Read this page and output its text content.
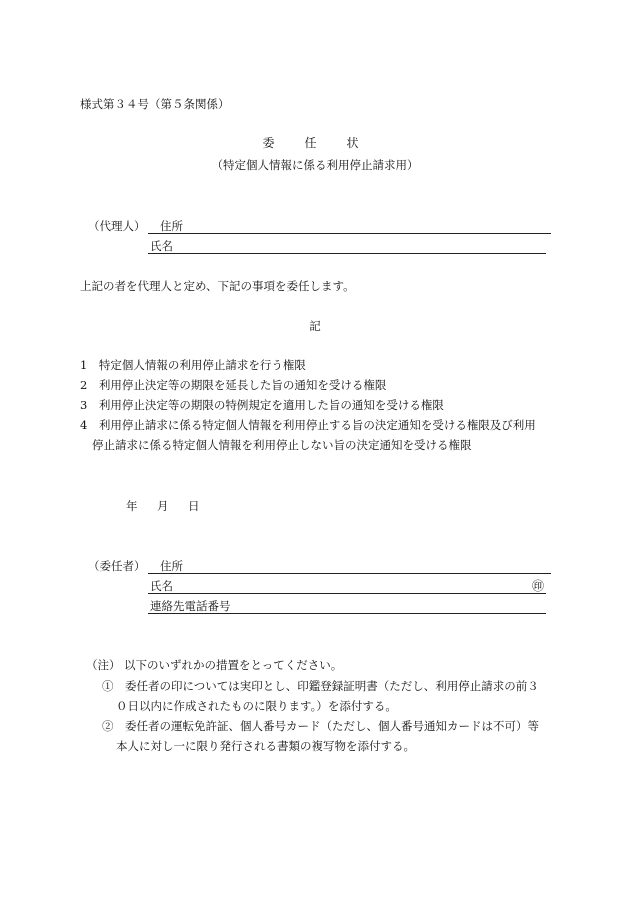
様式第３４号（第５条関係）
委　任　状
（特定個人情報に係る利用停止請求用）
（代理人） 住所
氏名
上記の者を代理人と定め、下記の事項を委任します。
記
1　特定個人情報の利用停止請求を行う権限
2　利用停止決定等の期限を延長した旨の通知を受ける権限
3　利用停止決定等の期限の特例規定を適用した旨の通知を受ける権限
4　利用停止請求に係る特定個人情報を利用停止する旨の決定通知を受ける権限及び利用
停止請求に係る特定個人情報を利用停止しない旨の決定通知を受ける権限
年　月　日
（委任者） 住所
氏名	㊞
連絡先電話番号
（注） 以下のいずれかの措置をとってください。
①　委任者の印については実印とし、印鑑登録証明書（ただし、利用停止請求の前３
０日以内に作成されたものに限ります。）を添付する。
②　委任者の運転免許証、個人番号カード（ただし、個人番号通知カードは不可）等
本人に対し一に限り発行される書類の複写物を添付する。
